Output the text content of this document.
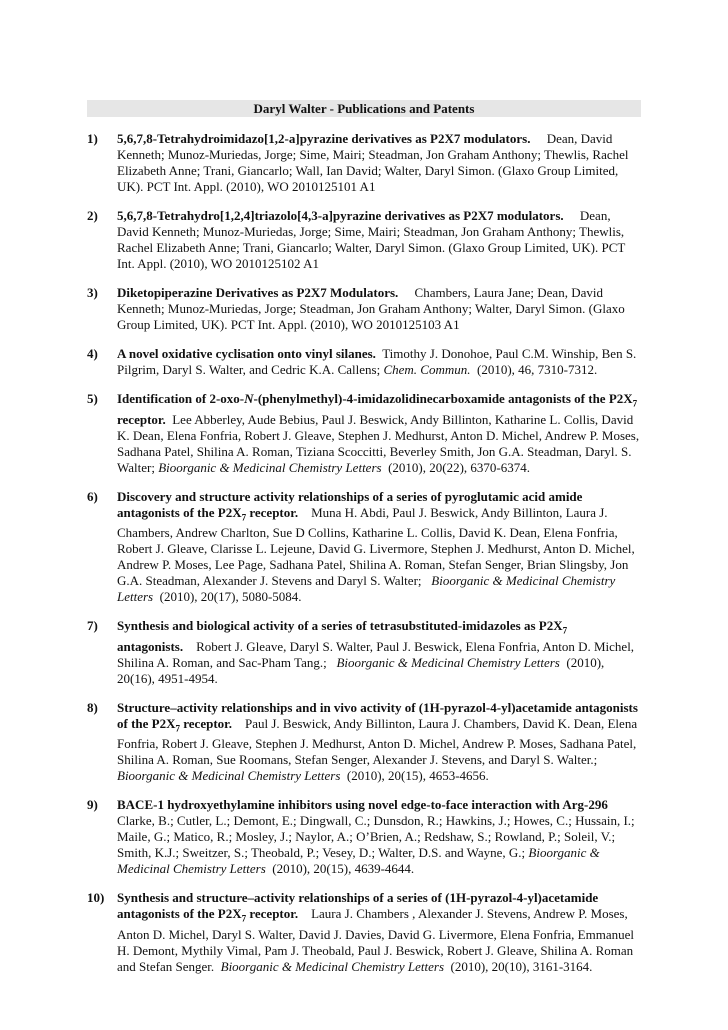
Daryl Walter - Publications and Patents
1) 5,6,7,8-Tetrahydroimidazo[1,2-a]pyrazine derivatives as P2X7 modulators. Dean, David Kenneth; Munoz-Muriedas, Jorge; Sime, Mairi; Steadman, Jon Graham Anthony; Thewlis, Rachel Elizabeth Anne; Trani, Giancarlo; Wall, Ian David; Walter, Daryl Simon. (Glaxo Group Limited, UK). PCT Int. Appl. (2010), WO 2010125101 A1
2) 5,6,7,8-Tetrahydro[1,2,4]triazolo[4,3-a]pyrazine derivatives as P2X7 modulators. Dean, David Kenneth; Munoz-Muriedas, Jorge; Sime, Mairi; Steadman, Jon Graham Anthony; Thewlis, Rachel Elizabeth Anne; Trani, Giancarlo; Walter, Daryl Simon. (Glaxo Group Limited, UK). PCT Int. Appl. (2010), WO 2010125102 A1
3) Diketopiperazine Derivatives as P2X7 Modulators. Chambers, Laura Jane; Dean, David Kenneth; Munoz-Muriedas, Jorge; Steadman, Jon Graham Anthony; Walter, Daryl Simon. (Glaxo Group Limited, UK). PCT Int. Appl. (2010), WO 2010125103 A1
4) A novel oxidative cyclisation onto vinyl silanes. Timothy J. Donohoe, Paul C.M. Winship, Ben S. Pilgrim, Daryl S. Walter, and Cedric K.A. Callens; Chem. Commun. (2010), 46, 7310-7312.
5) Identification of 2-oxo-N-(phenylmethyl)-4-imidazolidinecarboxamide antagonists of the $P2X_7$ receptor. Lee Abberley, Aude Bebius, Paul J. Beswick, Andy Billinton, Katharine L. Collis, David K. Dean, Elena Fonfria, Robert J. Gleave, Stephen J. Medhurst, Anton D. Michel, Andrew P. Moses, Sadhana Patel, Shilina A. Roman, Tiziana Scoccitti, Beverley Smith, Jon G.A. Steadman, Daryl. S. Walter; Bioorganic & Medicinal Chemistry Letters (2010), 20(22), 6370-6374.
6) Discovery and structure activity relationships of a series of pyroglutamic acid amide antagonists of the $P2X_7$ receptor. Muna H. Abdi, Paul J. Beswick, Andy Billinton, Laura J. Chambers, Andrew Charlton, Sue D Collins, Katharine L. Collis, David K. Dean, Elena Fonfria, Robert J. Gleave, Clarisse L. Lejeune, David G. Livermore, Stephen J. Medhurst, Anton D. Michel, Andrew P. Moses, Lee Page, Sadhana Patel, Shilina A. Roman, Stefan Senger, Brian Slingsby, Jon G.A. Steadman, Alexander J. Stevens and Daryl S. Walter; Bioorganic & Medicinal Chemistry Letters (2010), 20(17), 5080-5084.
7) Synthesis and biological activity of a series of tetrasubstituted-imidazoles as $P2X_7$ antagonists. Robert J. Gleave, Daryl S. Walter, Paul J. Beswick, Elena Fonfria, Anton D. Michel, Shilina A. Roman, and Sac-Pham Tang.; Bioorganic & Medicinal Chemistry Letters (2010), 20(16), 4951-4954.
8) Structure–activity relationships and in vivo activity of (1H-pyrazol-4-yl)acetamide antagonists of the $P2X_7$ receptor. Paul J. Beswick, Andy Billinton, Laura J. Chambers, David K. Dean, Elena Fonfria, Robert J. Gleave, Stephen J. Medhurst, Anton D. Michel, Andrew P. Moses, Sadhana Patel, Shilina A. Roman, Sue Roomans, Stefan Senger, Alexander J. Stevens, and Daryl S. Walter.;   Bioorganic & Medicinal Chemistry Letters (2010), 20(15), 4653-4656.
9) BACE-1 hydroxyethylamine inhibitors using novel edge-to-face interaction with Arg-296 Clarke, B.; Cutler, L.; Demont, E.; Dingwall, C.; Dunsdon, R.; Hawkins, J.; Howes, C.; Hussain, I.; Maile, G.; Matico, R.; Mosley, J.; Naylor, A.; O’Brien, A.; Redshaw, S.; Rowland, P.; Soleil, V.; Smith, K.J.; Sweitzer, S.; Theobald, P.; Vesey, D.; Walter, D.S. and Wayne, G.; Bioorganic & Medicinal Chemistry Letters (2010), 20(15), 4639-4644.
10) Synthesis and structure–activity relationships of a series of (1H-pyrazol-4-yl)acetamide antagonists of the $P2X_7$ receptor. Laura J. Chambers , Alexander J. Stevens, Andrew P. Moses, Anton D. Michel, Daryl S. Walter, David J. Davies, David G. Livermore, Elena Fonfria, Emmanuel H. Demont, Mythily Vimal, Pam J. Theobald, Paul J. Beswick, Robert J. Gleave, Shilina A. Roman and Stefan Senger. Bioorganic & Medicinal Chemistry Letters (2010), 20(10), 3161-3164.
